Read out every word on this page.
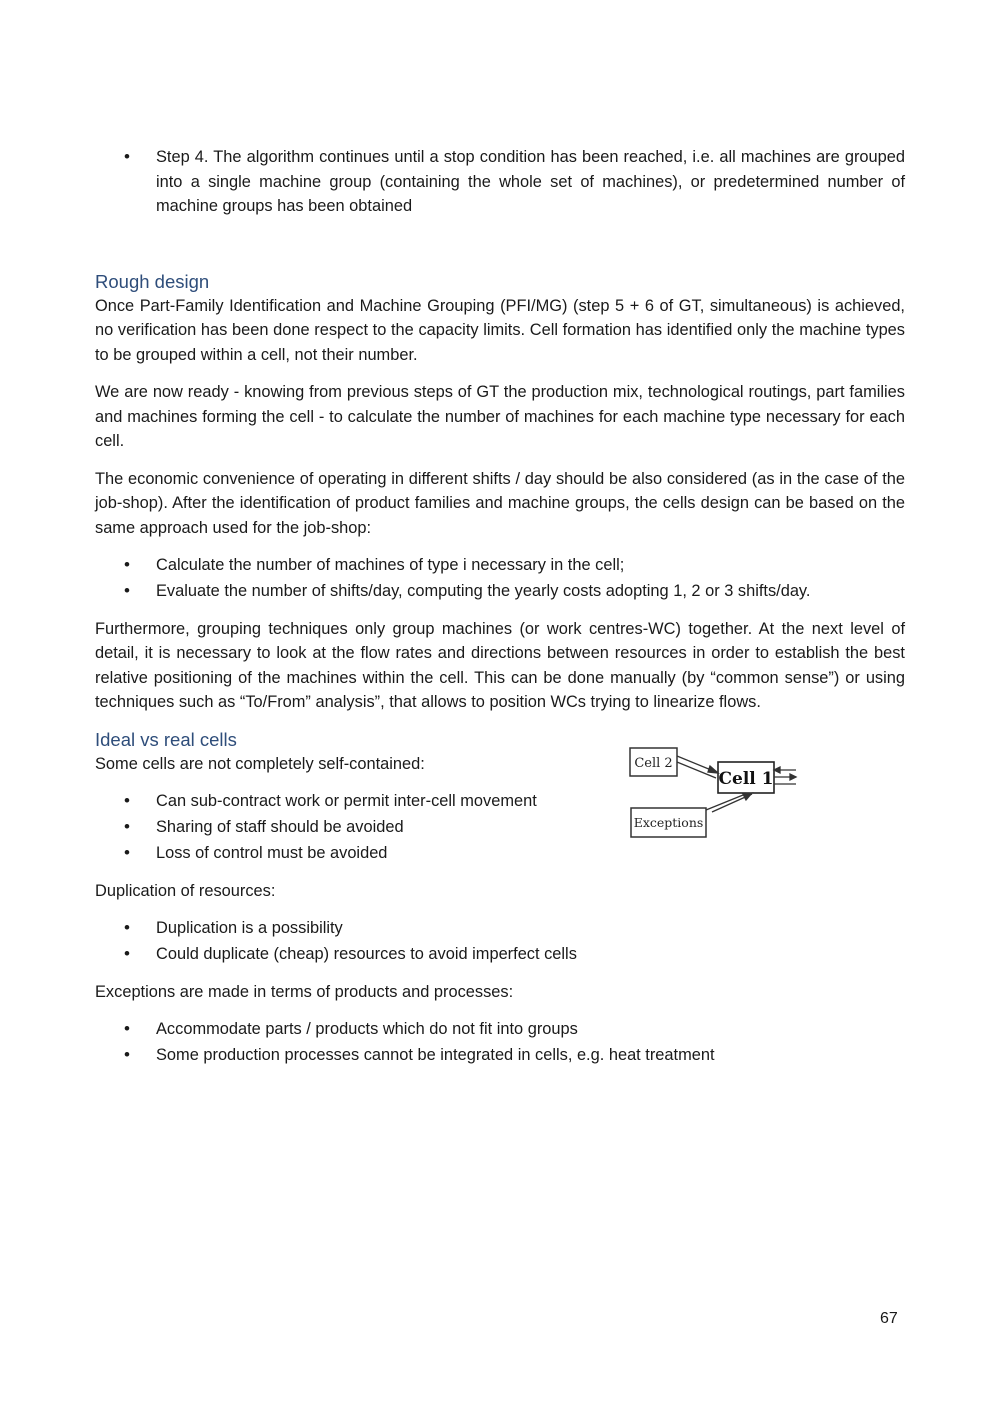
• Step 4. The algorithm continues until a stop condition has been reached, i.e. all machines are grouped into a single machine group (containing the whole set of machines), or predetermined number of machine groups has been obtained
Rough design

Once Part-Family Identification and Machine Grouping (PFI/MG) (step 5 + 6 of GT, simultaneous) is achieved, no verification has been done respect to the capacity limits. Cell formation has identified only the machine types to be grouped within a cell, not their number.

We are now ready - knowing from previous steps of GT the production mix, technological routings, part families and machines forming the cell - to calculate the number of machines for each machine type necessary for each cell.

The economic convenience of operating in different shifts / day should be also considered (as in the case of the job-shop). After the identification of product families and machine groups, the cells design can be based on the same approach used for the job-shop:

• Calculate the number of machines of type i necessary in the cell;
• Evaluate the number of shifts/day, computing the yearly costs adopting 1, 2 or 3 shifts/day.

Furthermore, grouping techniques only group machines (or work centres-WC) together. At the next level of detail, it is necessary to look at the flow rates and directions between resources in order to establish the best relative positioning of the machines within the cell. This can be done manually (by “common sense”) or using techniques such as “To/From” analysis”, that allows to position WCs trying to linearize flows.

Ideal vs real cells

Some cells are not completely self-contained:

• Can sub-contract work or permit inter-cell movement
• Sharing of staff should be avoided
• Loss of control must be avoided
Cell 2
Cell 1
Exceptions

Duplication of resources:

• Duplication is a possibility
• Could duplicate (cheap) resources to avoid imperfect cells

Exceptions are made in terms of products and processes:

• Accommodate parts / products which do not fit into groups
• Some production processes cannot be integrated in cells, e.g. heat treatment
67
